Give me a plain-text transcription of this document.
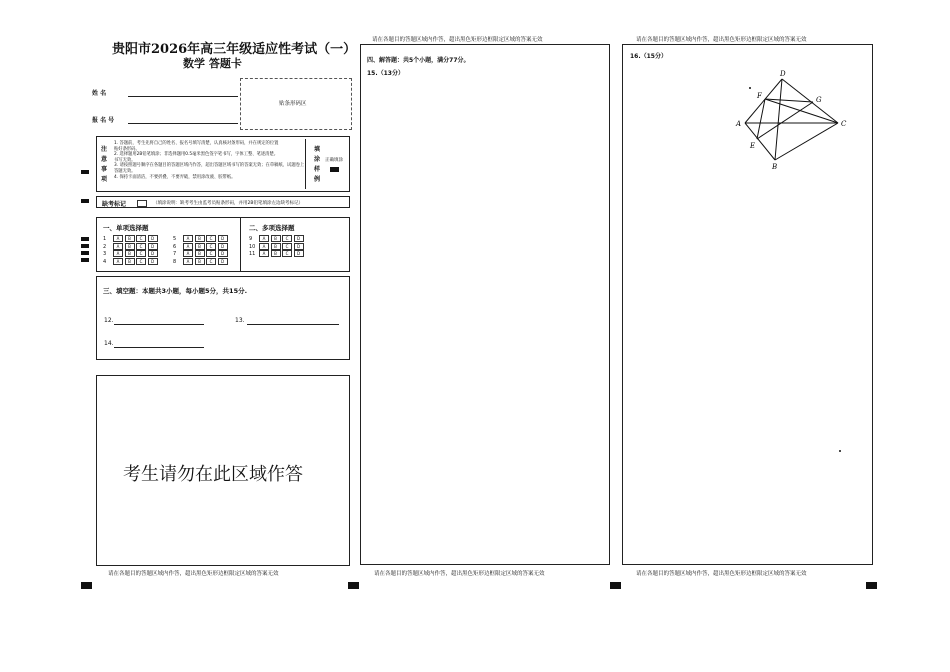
贵阳市2026年高三年级适应性考试（一）
数学 答题卡
姓 名
报 名 号
贴条形码区
注
意
事
项
1. 答题前，考生先将自己的姓名、报名号填写清楚，认真核对条形码，并在规定的位置
贴好条形码。
2. 选择题用2B铅笔填涂；非选择题用0.5毫米黑色签字笔书写，字体工整、笔迹清楚。
书写无效。
3. 请按照题号顺序在各题目的答题区域内作答，超出答题区域书写的答案无效；在草稿纸、试题卷上
答题无效。
4. 保持卡面清洁，不要折叠、不要弄破，禁用涂改液、胶带纸。
填
涂
样
例
正确填涂
缺考标记	（填涂说明：缺考考生由监考员贴条形码，并用2B铅笔填涂左边缺考标记）
一、单项选择题	二、多项选择题
1	A B C D
2	A B C D
3	A B C D
4	A B C D
5	A B C D
6	A B C D
7	A B C D
8	A B C D
9	A B C D
10 A B C D
11 A B C D
三、填空题：本题共3小题，每小题5分，共15分.
12.	13.
14.
考生请勿在此区域作答
请在各题目的答题区域内作答，超出黑色矩形边框限定区域的答案无效
请在各题目的答题区域内作答，超出黑色矩形边框限定区域的答案无效
四、解答题：共5个小题，满分77分。
15.（13分）
请在各题目的答题区域内作答，超出黑色矩形边框限定区域的答案无效
请在各题目的答题区域内作答，超出黑色矩形边框限定区域的答案无效
16.（15分）
D
F	G
A	C
E
B
请在各题目的答题区域内作答，超出黑色矩形边框限定区域的答案无效
